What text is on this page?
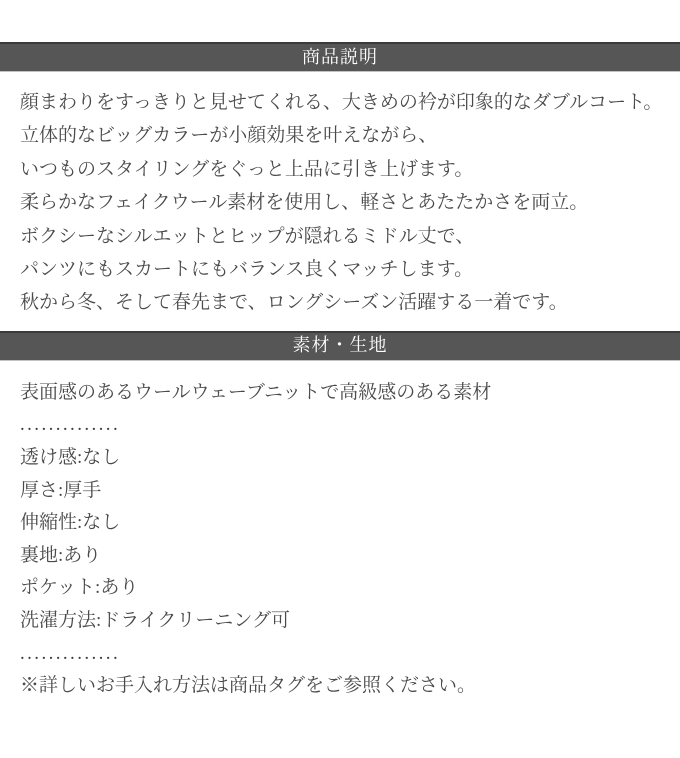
商品説明
顔まわりをすっきりと見せてくれる、大きめの衿が印象的なダブルコート。
立体的なビッグカラーが小顔効果を叶えながら、
いつものスタイリングをぐっと上品に引き上げます。
柔らかなフェイクウール素材を使用し、軽さとあたたかさを両立。
ボクシーなシルエットとヒップが隠れるミドル丈で、
パンツにもスカートにもバランス良くマッチします。
秋から冬、そして春先まで、ロングシーズン活躍する一着です。
素材・生地
表面感のあるウールウェーブニットで高級感のある素材
..............
透け感:なし
厚さ:厚手
伸縮性:なし
裏地:あり
ポケット:あり
洗濯方法:ドライクリーニング可
..............
※詳しいお手入れ方法は商品タグをご参照ください。
